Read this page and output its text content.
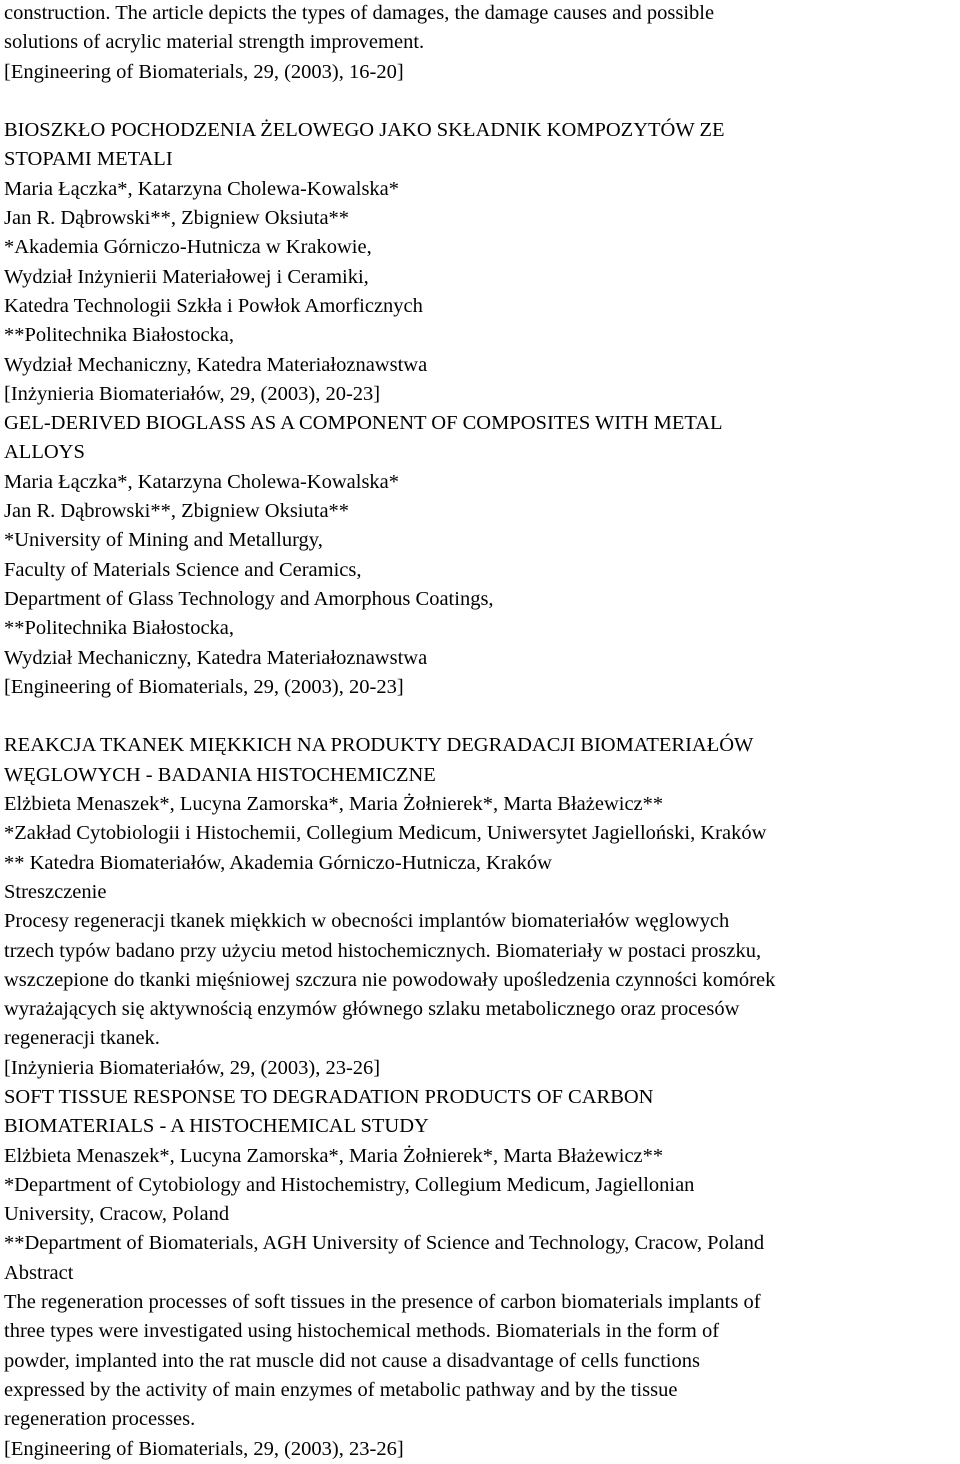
construction. The article depicts the types of damages, the damage causes and possible
solutions of acrylic material strength improvement.
[Engineering of Biomaterials, 29, (2003), 16-20]
BIOSZKŁO POCHODZENIA ŻELOWEGO JAKO SKŁADNIK KOMPOZYTÓW ZE
STOPAMI METALI
Maria Łączka*, Katarzyna Cholewa-Kowalska*
Jan R. Dąbrowski**, Zbigniew Oksiuta**
*Akademia Górniczo-Hutnicza w Krakowie,
Wydział Inżynierii Materiałowej i Ceramiki,
Katedra Technologii Szkła i Powłok Amorficznych
**Politechnika Białostocka,
Wydział Mechaniczny, Katedra Materiałoznawstwa
[Inżynieria Biomateriałów, 29, (2003), 20-23]
GEL-DERIVED BIOGLASS AS A COMPONENT OF COMPOSITES WITH METAL
ALLOYS
Maria Łączka*, Katarzyna Cholewa-Kowalska*
Jan R. Dąbrowski**, Zbigniew Oksiuta**
*University of Mining and Metallurgy,
Faculty of Materials Science and Ceramics,
Department of Glass Technology and Amorphous Coatings,
**Politechnika Białostocka,
Wydział Mechaniczny, Katedra Materiałoznawstwa
[Engineering of Biomaterials, 29, (2003), 20-23]
REAKCJA TKANEK MIĘKKICH NA PRODUKTY DEGRADACJI BIOMATERIAŁÓW
WĘGLOWYCH - BADANIA HISTOCHEMICZNE
Elżbieta Menaszek*, Lucyna Zamorska*, Maria Żołnierek*, Marta Błażewicz**
*Zakład Cytobiologii i Histochemii, Collegium Medicum, Uniwersytet Jagielloński, Kraków
** Katedra Biomateriałów, Akademia Górniczo-Hutnicza, Kraków
Streszczenie
Procesy regeneracji tkanek miękkich w obecności implantów biomateriałów węglowych
trzech typów badano przy użyciu metod histochemicznych. Biomateriały w postaci proszku,
wszczepione do tkanki mięśniowej szczura nie powodowały upośledzenia czynności komórek
wyrażających się aktywnością enzymów głównego szlaku metabolicznego oraz procesów
regeneracji tkanek.
[Inżynieria Biomateriałów, 29, (2003), 23-26]
SOFT TISSUE RESPONSE TO DEGRADATION PRODUCTS OF CARBON
BIOMATERIALS - A HISTOCHEMICAL STUDY
Elżbieta Menaszek*, Lucyna Zamorska*, Maria Żołnierek*, Marta Błażewicz**
*Department of Cytobiology and Histochemistry, Collegium Medicum, Jagiellonian
University, Cracow, Poland
**Department of Biomaterials, AGH University of Science and Technology, Cracow, Poland
Abstract
The regeneration processes of soft tissues in the presence of carbon biomaterials implants of
three types were investigated using histochemical methods. Biomaterials in the form of
powder, implanted into the rat muscle did not cause a disadvantage of cells functions
expressed by the activity of main enzymes of metabolic pathway and by the tissue
regeneration processes.
[Engineering of Biomaterials, 29, (2003), 23-26]
